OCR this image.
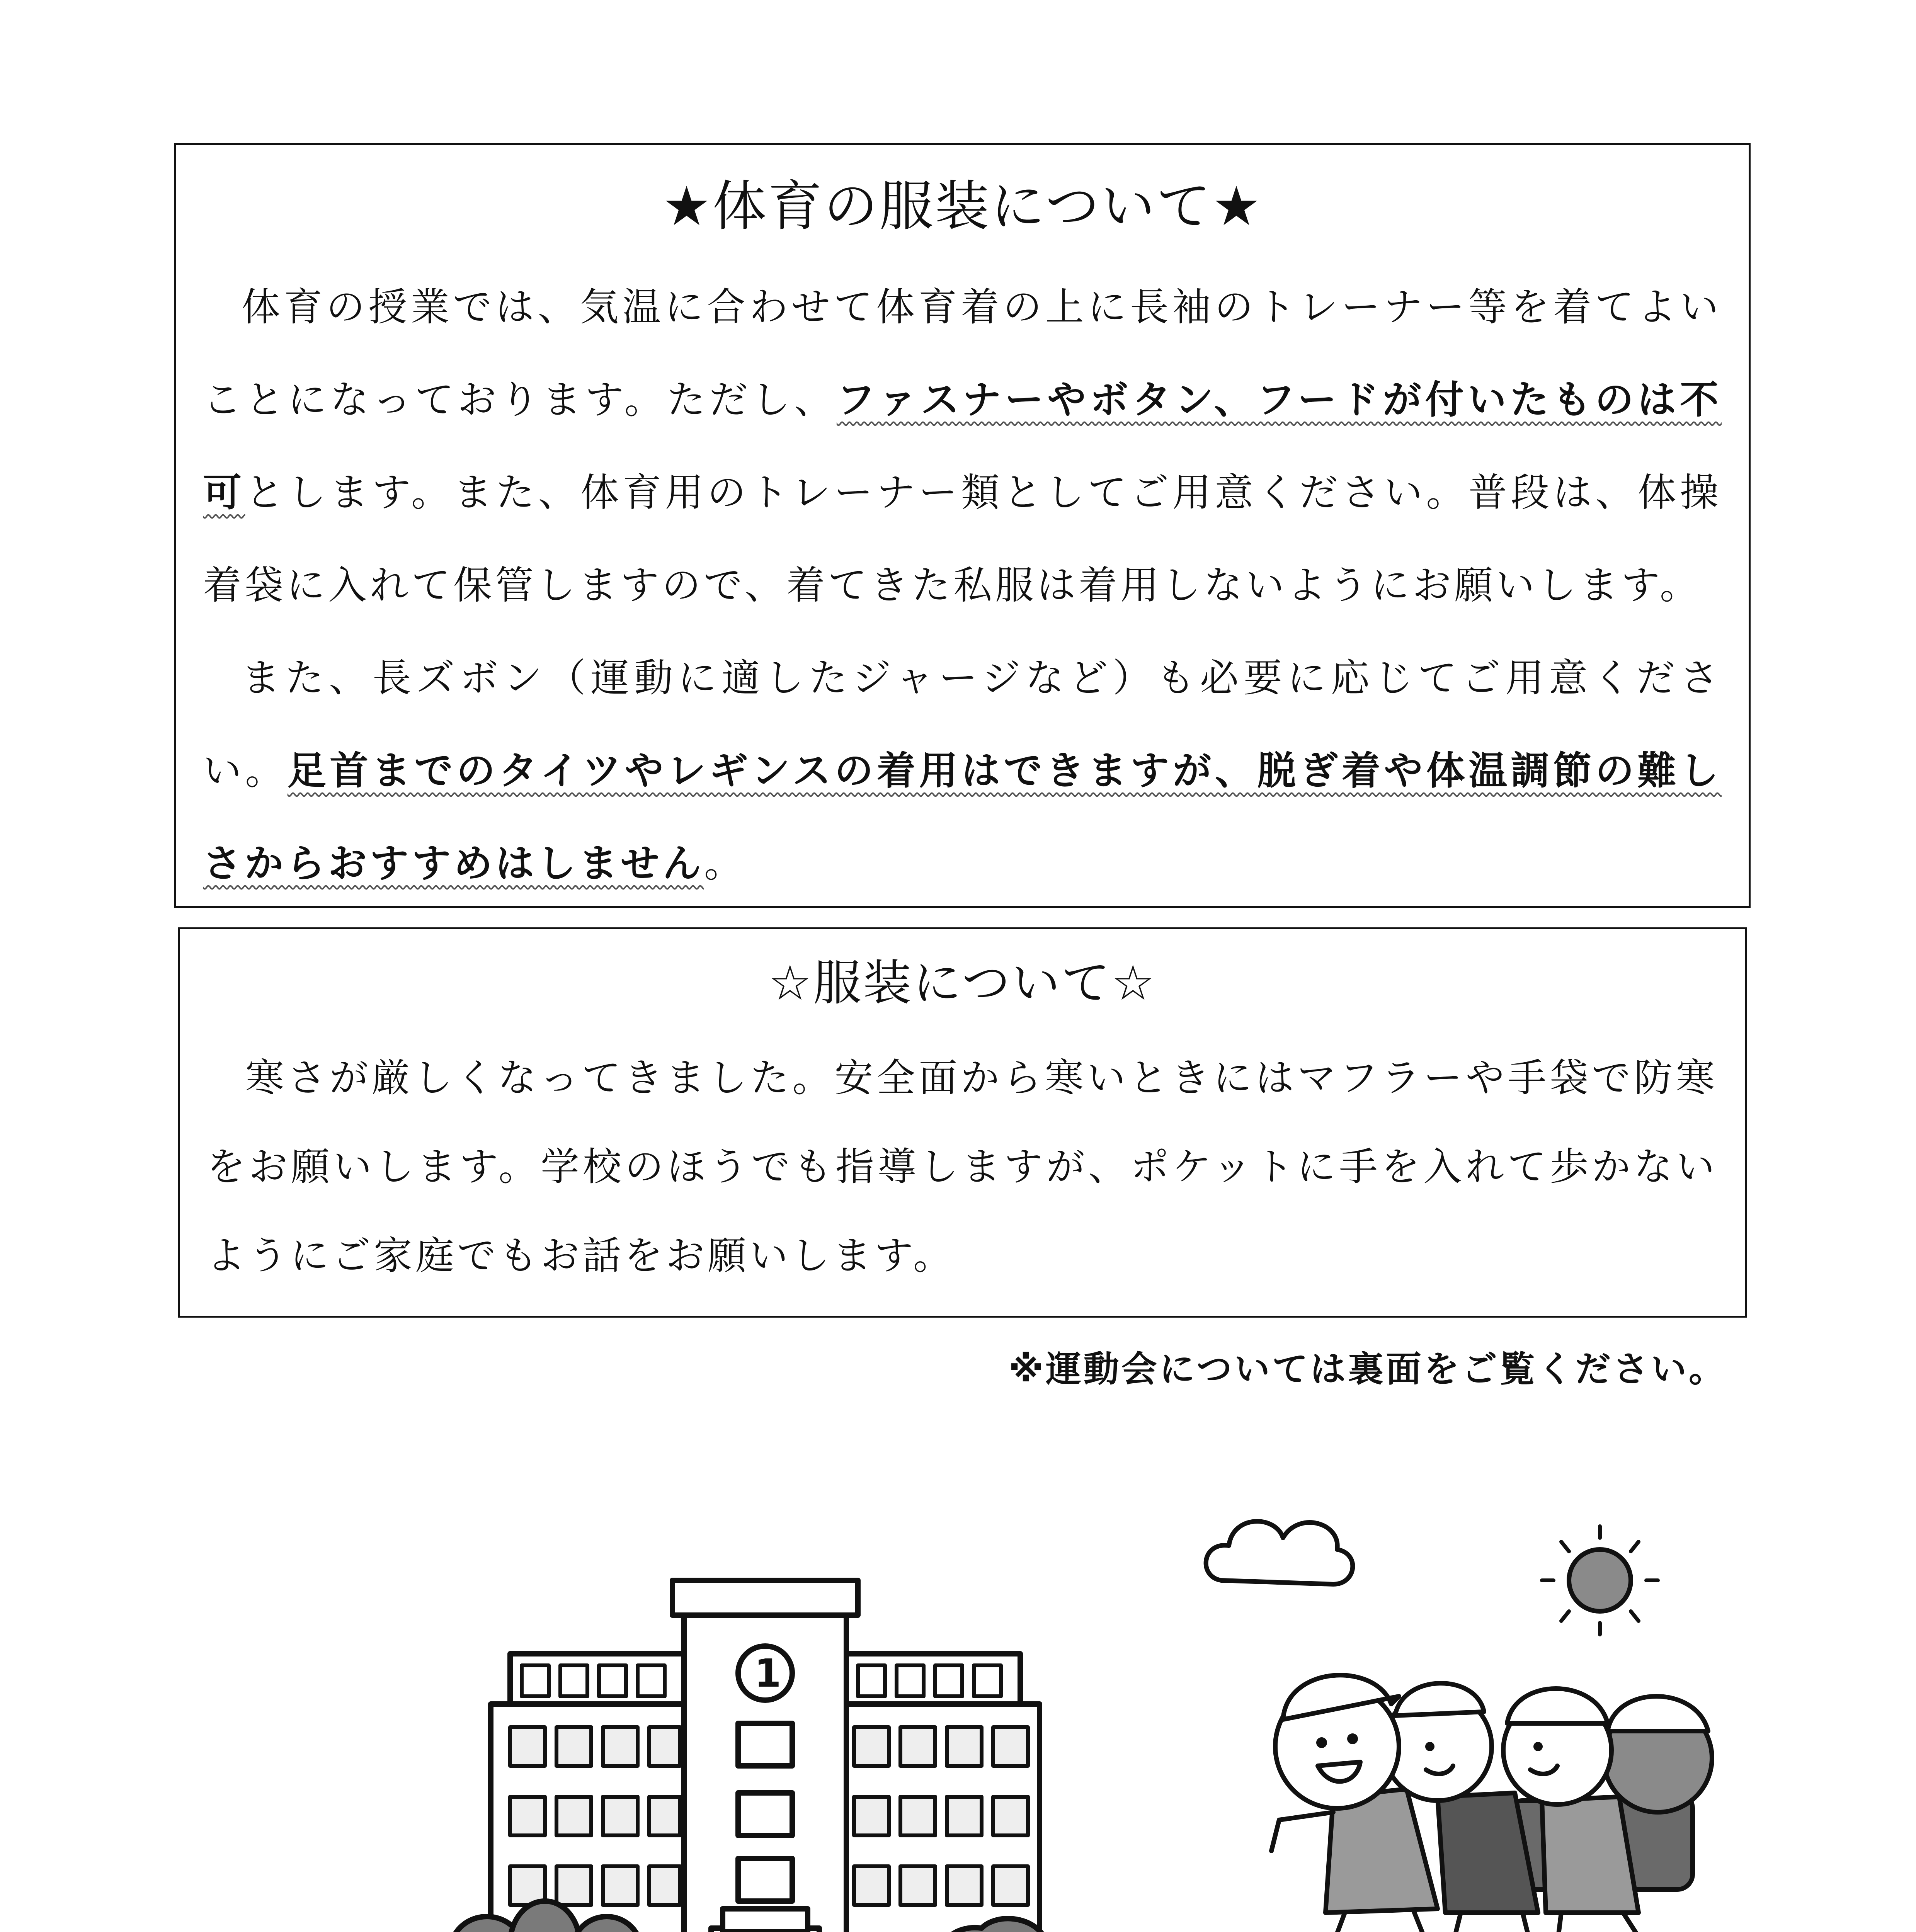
★体育の服装について★

体育の授業では、気温に合わせて体育着の上に長袖のトレーナー等を着てよいことになっております。ただし、ファスナーやボタン、フードが付いたものは不可とします。また、体育用のトレーナー類としてご用意ください。普段は、体操着袋に入れて保管しますので、着てきた私服は着用しないようにお願いします。

また、長ズボン（運動に適したジャージなど）も必要に応じてご用意ください。足首までのタイツやレギンスの着用はできますが、脱ぎ着や体温調節の難しさからおすすめはしません。

☆服装について☆

寒さが厳しくなってきました。安全面から寒いときにはマフラーや手袋で防寒をお願いします。学校のほうでも指導しますが、ポケットに手を入れて歩かないようにご家庭でもお話をお願いします。

※運動会については裏面をご覧ください。
1
